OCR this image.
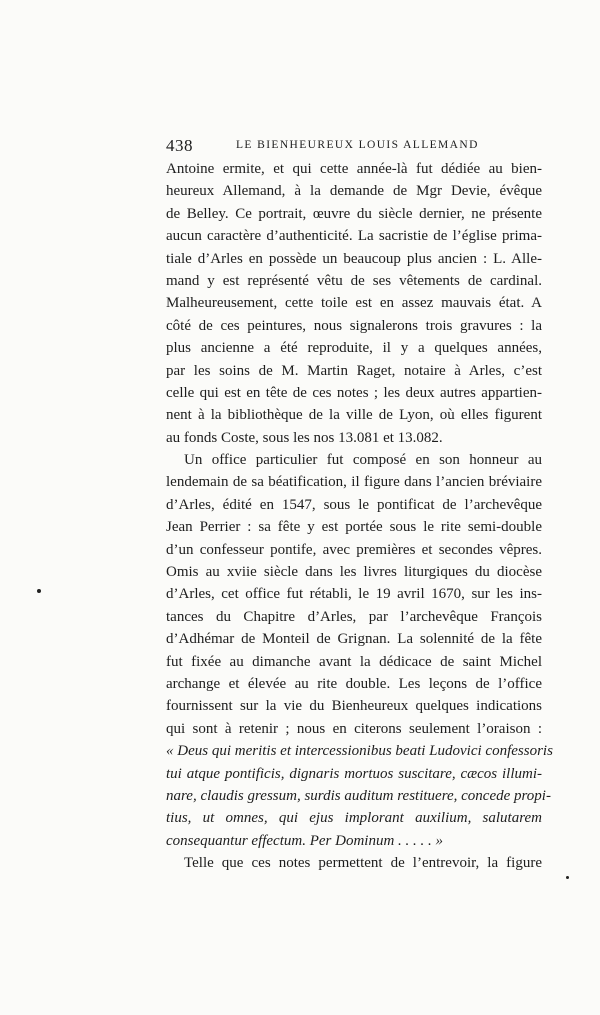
438	LE BIENHEUREUX LOUIS ALLEMAND
Antoine ermite, et qui cette année-là fut dédiée au bien-
heureux Allemand, à la demande de Mgr Devie, évêque
de Belley. Ce portrait, œuvre du siècle dernier, ne présente
aucun caractère d’authenticité. La sacristie de l’église prima-
tiale d’Arles en possède un beaucoup plus ancien : L. Alle-
mand y est représenté vêtu de ses vêtements de cardinal.
Malheureusement, cette toile est en assez mauvais état. A
côté de ces peintures, nous signalerons trois gravures : la
plus ancienne a été reproduite, il y a quelques années,
par les soins de M. Martin Raget, notaire à Arles, c’est
celle qui est en tête de ces notes ; les deux autres appartien-
nent à la bibliothèque de la ville de Lyon, où elles figurent
au fonds Coste, sous les nos 13.081 et 13.082.
Un office particulier fut composé en son honneur au
lendemain de sa béatification, il figure dans l’ancien bréviaire
d’Arles, édité en 1547, sous le pontificat de l’archevêque
Jean Perrier : sa fête y est portée sous le rite semi-double
d’un confesseur pontife, avec premières et secondes vêpres.
Omis au xviie siècle dans les livres liturgiques du diocèse
d’Arles, cet office fut rétabli, le 19 avril 1670, sur les ins-
tances du Chapitre d’Arles, par l’archevêque François
d’Adhémar de Monteil de Grignan. La solennité de la fête
fut fixée au dimanche avant la dédicace de saint Michel
archange et élevée au rite double. Les leçons de l’office
fournissent sur la vie du Bienheureux quelques indications
qui sont à retenir ; nous en citerons seulement l’oraison :
« Deus qui meritis et intercessionibus beati Ludovici confessoris
tui atque pontificis, dignaris mortuos suscitare, cæcos illumi-
nare, claudis gressum, surdis auditum restituere, concede propi-
tius, ut omnes, qui ejus implorant auxilium, salutarem
consequantur effectum. Per Dominum . . . . . »
Telle que ces notes permettent de l’entrevoir, la figure
